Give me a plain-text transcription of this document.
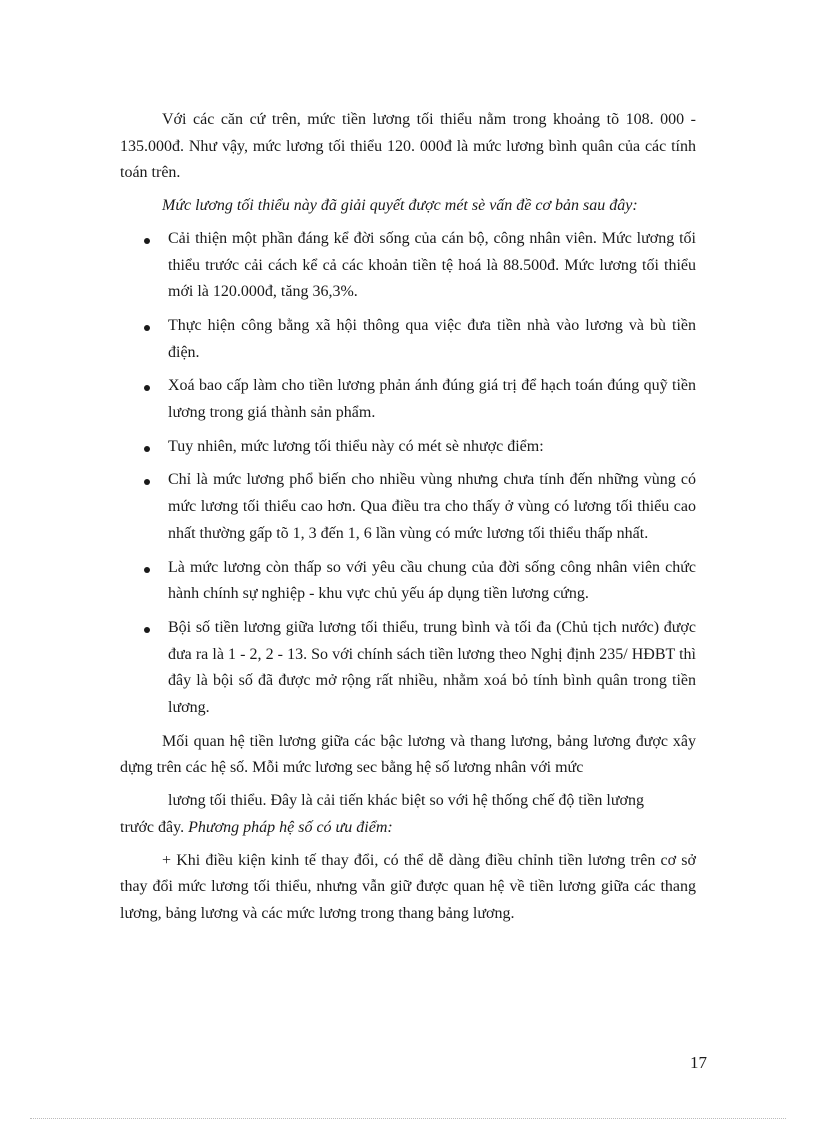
Với các căn cứ trên, mức tiền lương tối thiểu nằm trong khoảng tõ 108. 000 - 135.000đ. Như vậy, mức lương tối thiểu 120. 000đ là mức lương bình quân của các tính toán trên.

Mức lương tối thiểu này đã giải quyết được mét sè vấn đề cơ bản sau đây:

Cải thiện một phần đáng kể đời sống của cán bộ, công nhân viên. Mức lương tối thiểu trước cải cách kể cả các khoản tiền tệ hoá là 88.500đ. Mức lương tối thiểu mới là 120.000đ, tăng 36,3%.
Thực hiện công bằng xã hội thông qua việc đưa tiền nhà vào lương và bù tiền điện.
Xoá bao cấp làm cho tiền lương phản ánh đúng giá trị để hạch toán đúng quỹ tiền lương trong giá thành sản phẩm.
Tuy nhiên, mức lương tối thiểu này có mét sè nhược điểm:
Chỉ là mức lương phổ biến cho nhiều vùng nhưng chưa tính đến những vùng có mức lương tối thiểu cao hơn. Qua điều tra cho thấy ở vùng có lương tối thiểu cao nhất thường gấp tõ 1, 3 đến 1, 6 lần vùng có mức lương tối thiểu thấp nhất.
Là mức lương còn thấp so với yêu cầu chung của đời sống công nhân viên chức hành chính sự nghiệp - khu vực chủ yếu áp dụng tiền lương cứng.
Bội số tiền lương giữa lương tối thiểu, trung bình và tối đa (Chủ tịch nước) được đưa ra là 1 - 2, 2 - 13. So với chính sách tiền lương theo Nghị định 235/ HĐBT thì đây là bội số đã được mở rộng rất nhiều, nhằm xoá bỏ tính bình quân trong tiền lương.

Mối quan hệ tiền lương giữa các bậc lương và thang lương, bảng lương được xây dựng trên các hệ số. Mỗi mức lương sec bằng hệ số lương nhân với mức

lương tối thiểu. Đây là cải tiến khác biệt so với hệ thống chế độ tiền lương

trước đây. Phương pháp hệ số có ưu điểm:

+ Khi điều kiện kinh tế thay đổi, có thể dễ dàng điều chỉnh tiền lương trên cơ sở thay đổi mức lương tối thiểu, nhưng vẫn giữ được quan hệ về tiền lương giữa các thang lương, bảng lương và các mức lương trong thang bảng lương.

17
